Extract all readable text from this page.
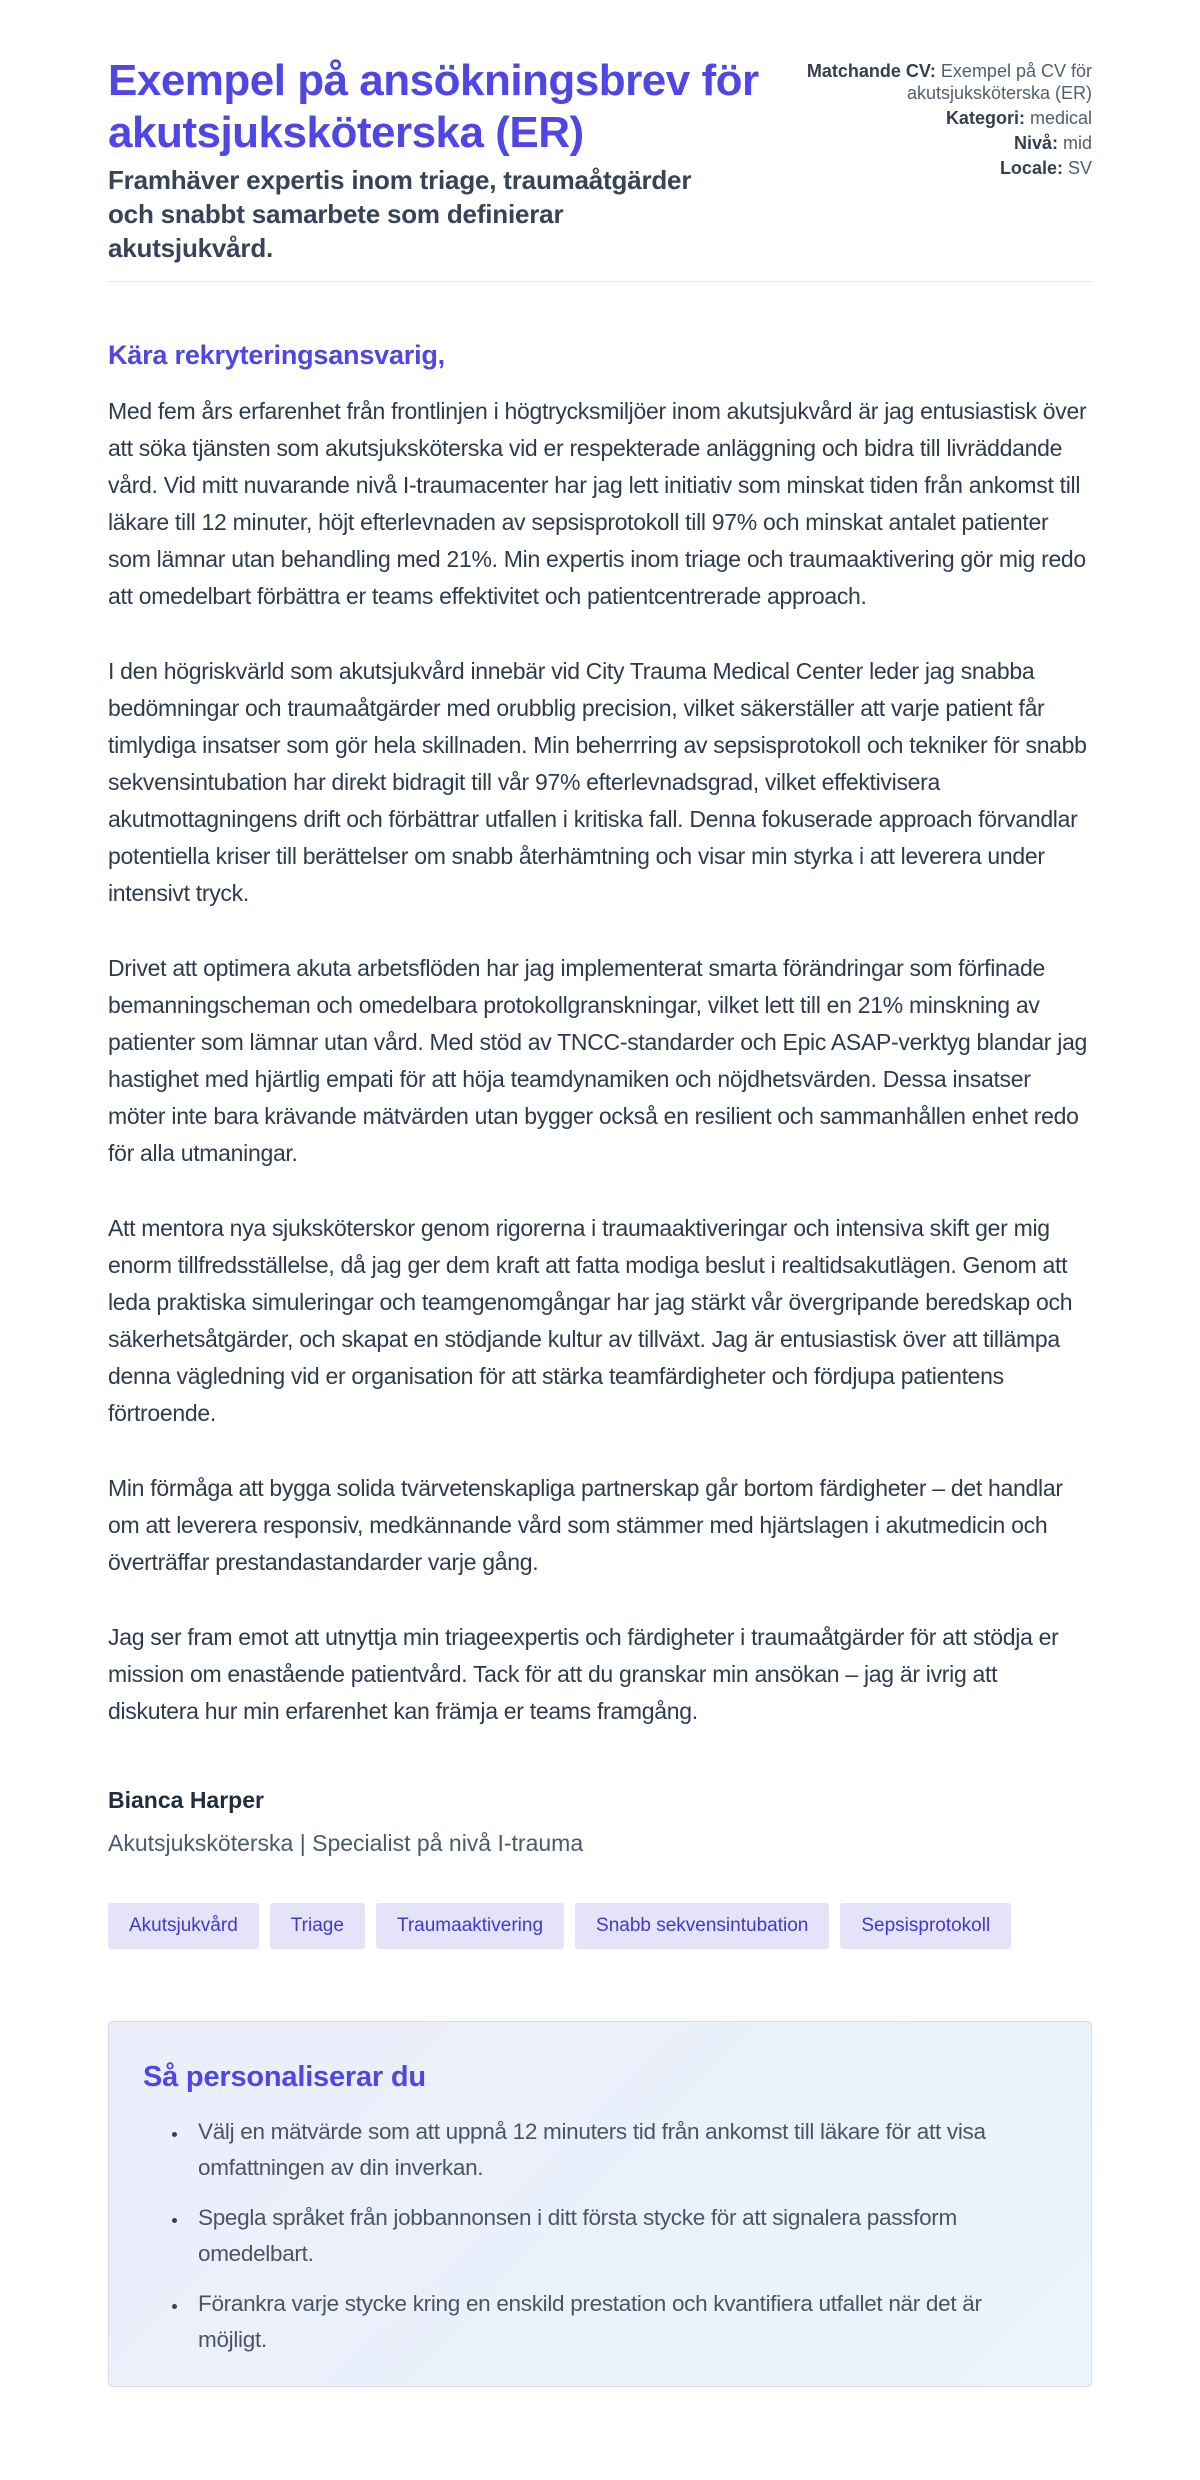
Exempel på ansökningsbrev för akutsjuksköterska (ER)

Framhäver expertis inom triage, traumaåtgärder och snabbt samarbete som definierar akutsjukvård.

Matchande CV: Exempel på CV för akutsjuksköterska (ER)
Kategori: medical
Nivå: mid
Locale: SV

Kära rekryteringsansvarig,

Med fem års erfarenhet från frontlinjen i högtrycksmiljöer inom akutsjukvård är jag entusiastisk över att söka tjänsten som akutsjuksköterska vid er respekterade anläggning och bidra till livräddande vård. Vid mitt nuvarande nivå I-traumacenter har jag lett initiativ som minskat tiden från ankomst till läkare till 12 minuter, höjt efterlevnaden av sepsisprotokoll till 97% och minskat antalet patienter som lämnar utan behandling med 21%. Min expertis inom triage och traumaaktivering gör mig redo att omedelbart förbättra er teams effektivitet och patientcentrerade approach.

I den högriskvärld som akutsjukvård innebär vid City Trauma Medical Center leder jag snabba bedömningar och traumaåtgärder med orubblig precision, vilket säkerställer att varje patient får timlydiga insatser som gör hela skillnaden. Min beherrring av sepsisprotokoll och tekniker för snabb sekvensintubation har direkt bidragit till vår 97% efterlevnadsgrad, vilket effektivisera akutmottagningens drift och förbättrar utfallen i kritiska fall. Denna fokuserade approach förvandlar potentiella kriser till berättelser om snabb återhämtning och visar min styrka i att leverera under intensivt tryck.

Drivet att optimera akuta arbetsflöden har jag implementerat smarta förändringar som förfinade bemanningscheman och omedelbara protokollgranskningar, vilket lett till en 21% minskning av patienter som lämnar utan vård. Med stöd av TNCC-standarder och Epic ASAP-verktyg blandar jag hastighet med hjärtlig empati för att höja teamdynamiken och nöjdhetsvärden. Dessa insatser möter inte bara krävande mätvärden utan bygger också en resilient och sammanhållen enhet redo för alla utmaningar.

Att mentora nya sjuksköterskor genom rigorerna i traumaaktiveringar och intensiva skift ger mig enorm tillfredsställelse, då jag ger dem kraft att fatta modiga beslut i realtidsakutlägen. Genom att leda praktiska simuleringar och teamgenomgångar har jag stärkt vår övergripande beredskap och säkerhetsåtgärder, och skapat en stödjande kultur av tillväxt. Jag är entusiastisk över att tillämpa denna vägledning vid er organisation för att stärka teamfärdigheter och fördjupa patientens förtroende.

Min förmåga att bygga solida tvärvetenskapliga partnerskap går bortom färdigheter – det handlar om att leverera responsiv, medkännande vård som stämmer med hjärtslagen i akutmedicin och överträffar prestandastandarder varje gång.

Jag ser fram emot att utnyttja min triageexpertis och färdigheter i traumaåtgärder för att stödja er mission om enastående patientvård. Tack för att du granskar min ansökan – jag är ivrig att diskutera hur min erfarenhet kan främja er teams framgång.

Bianca Harper

Akutsjuksköterska | Specialist på nivå I-trauma

Akutsjukvård	Triage	Traumaaktivering	Snabb sekvensintubation	Sepsisprotokoll
Så personaliserar du
• Välj en mätvärde som att uppnå 12 minuters tid från ankomst till läkare för att visa omfattningen av din inverkan.
• Spegla språket från jobbannonsen i ditt första stycke för att signalera passform omedelbart.
• Förankra varje stycke kring en enskild prestation och kvantifiera utfallet när det är möjligt.
